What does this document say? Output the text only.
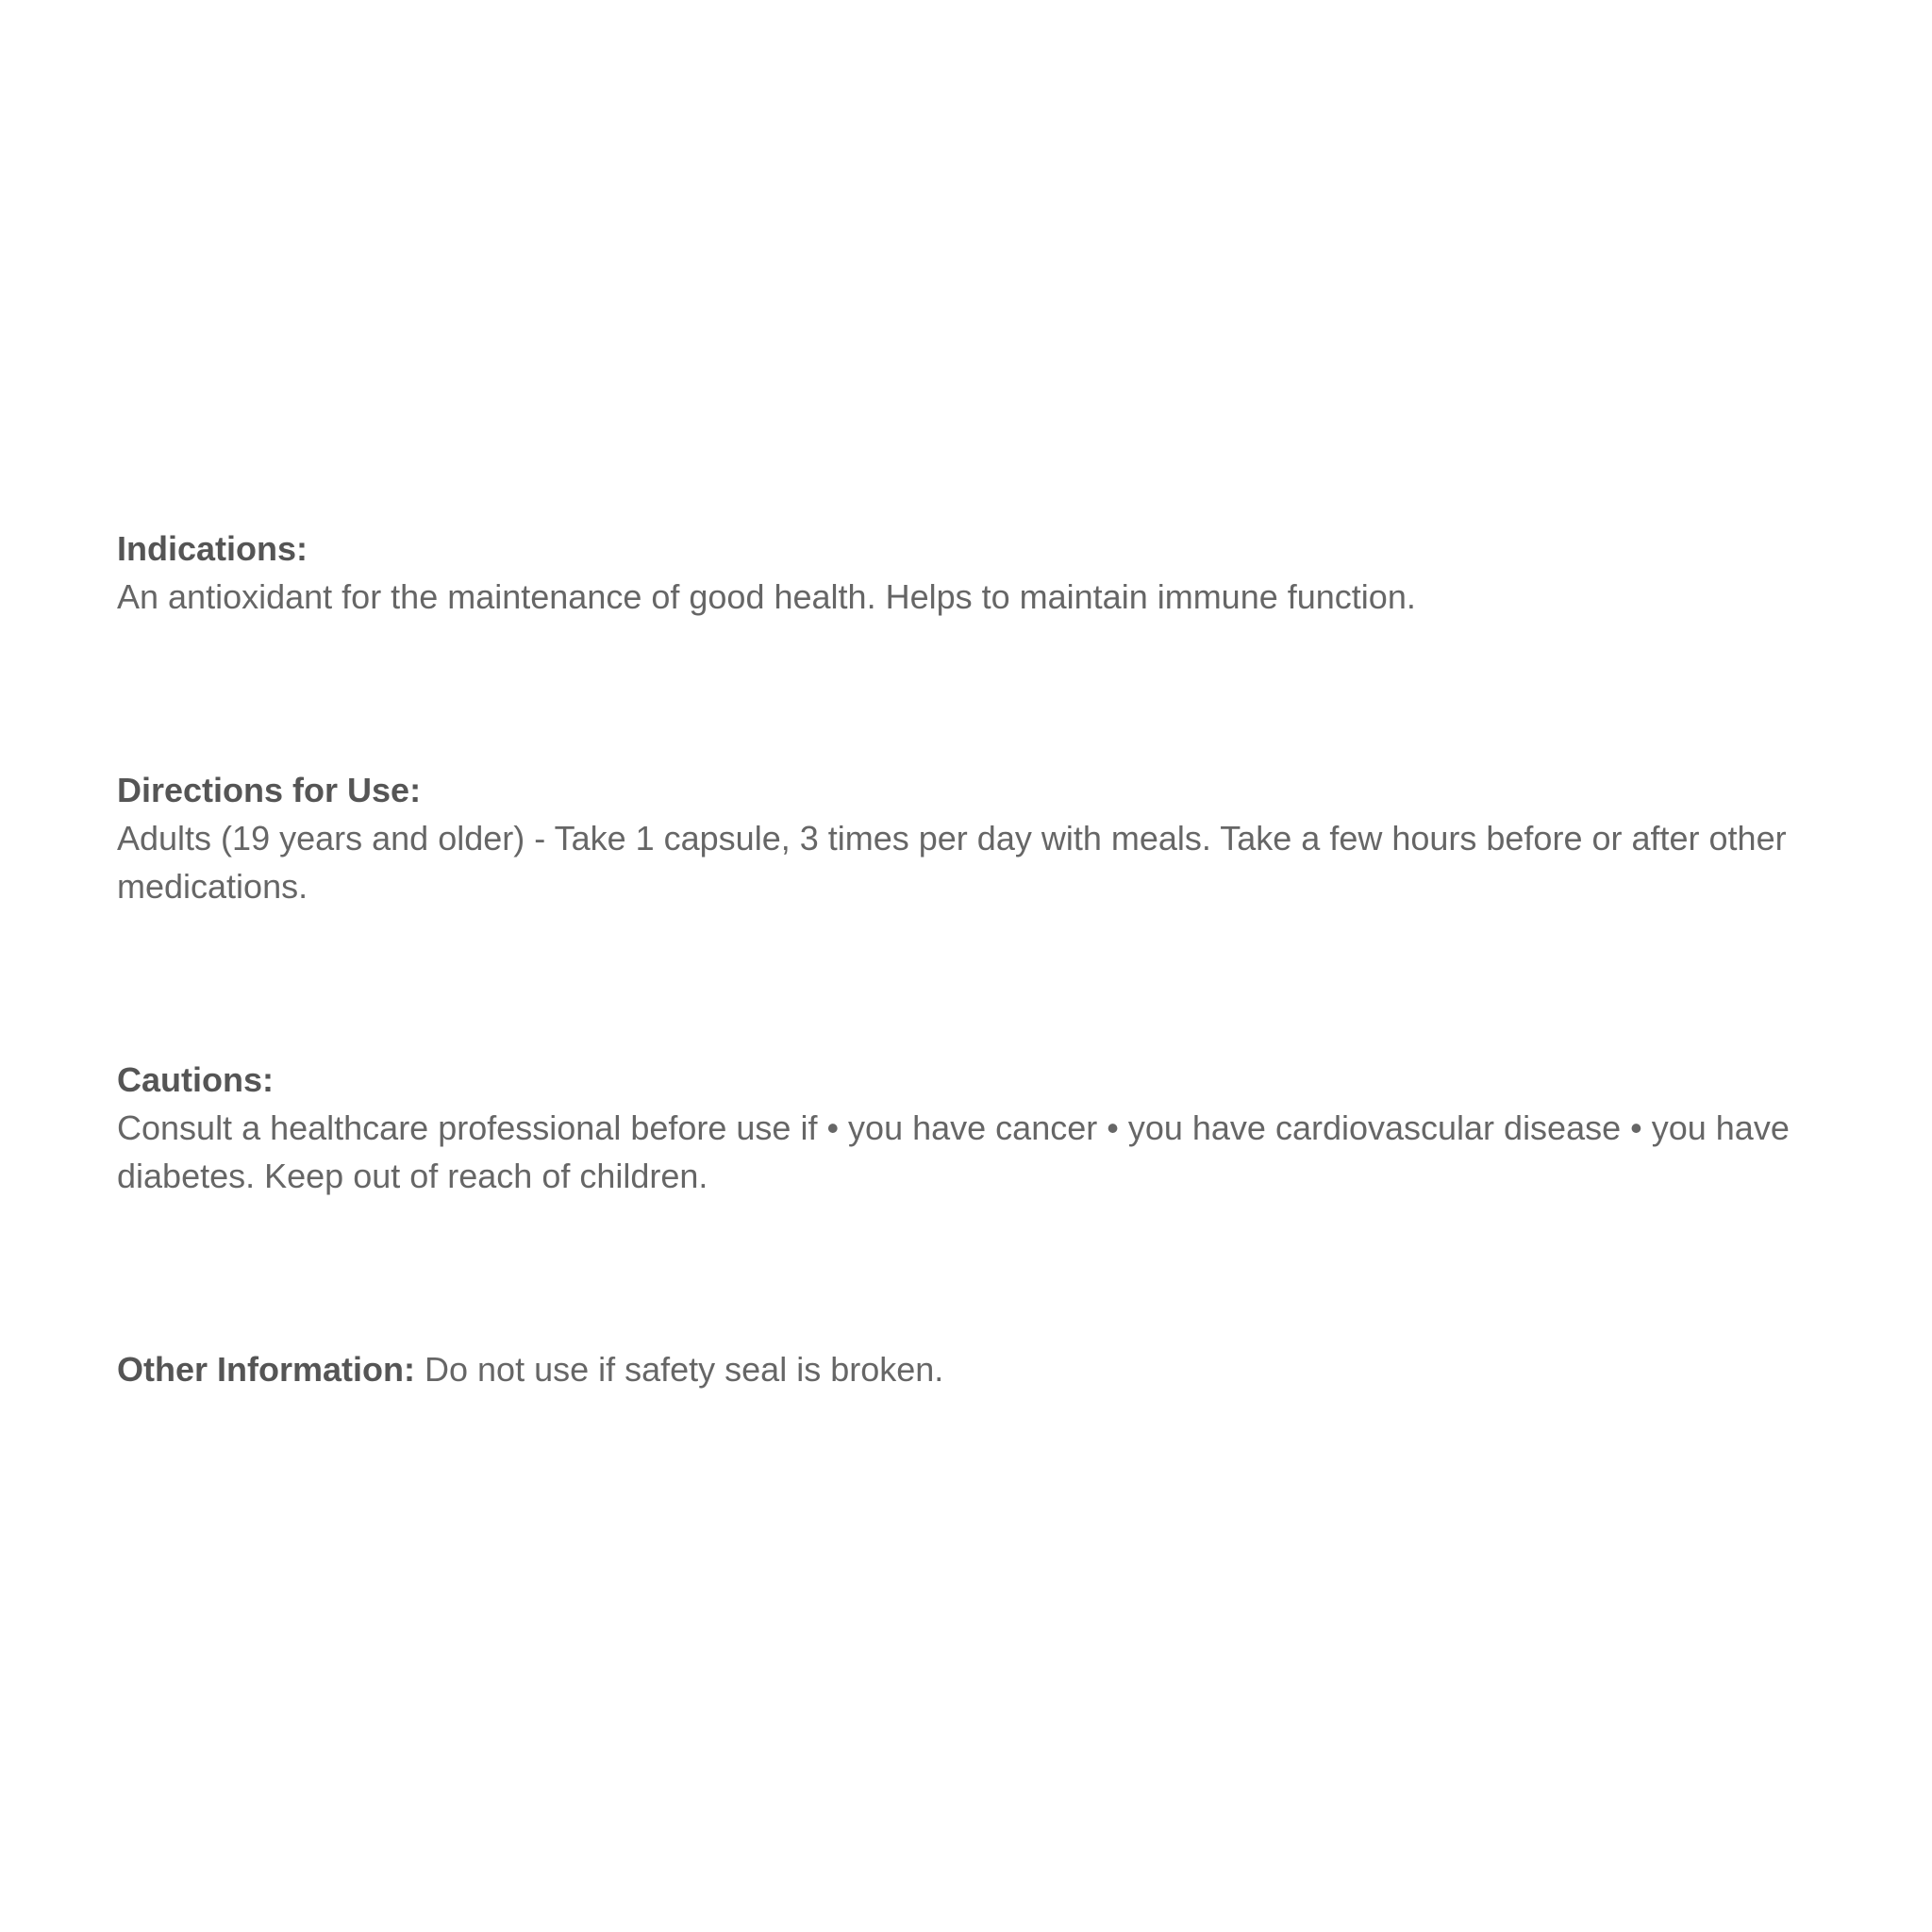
Indications:
An antioxidant for the maintenance of good health. Helps to maintain immune function.
Directions for Use:
Adults (19 years and older) - Take 1 capsule, 3 times per day with meals. Take a few hours before or after other medications.
Cautions:
Consult a healthcare professional before use if • you have cancer • you have cardiovascular disease • you have diabetes. Keep out of reach of children.
Other Information: Do not use if safety seal is broken.
